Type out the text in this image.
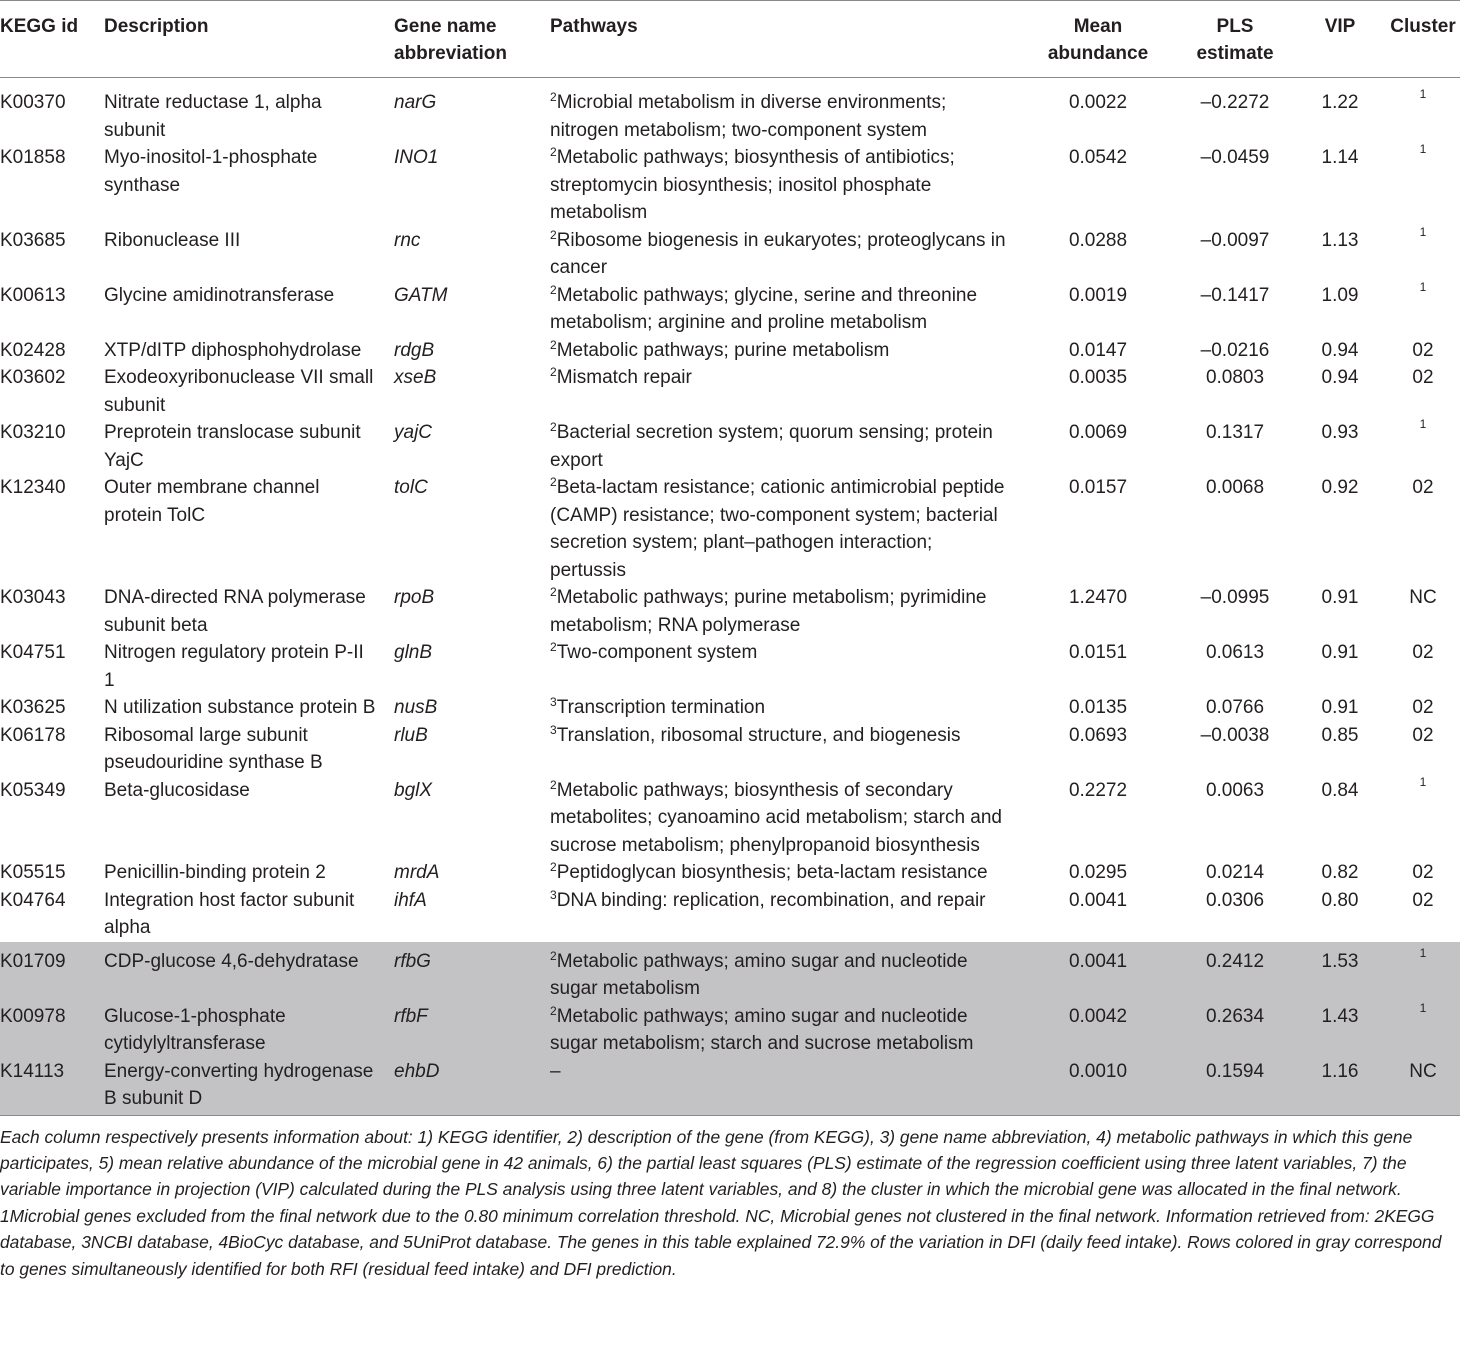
KEGG id	Description	Gene name abbreviation	Pathways	Mean abundance	PLS estimate	VIP	Cluster
K00370	Nitrate reductase 1, alpha subunit	narG	$^2$Microbial metabolism in diverse environments; nitrogen metabolism; two-component system	0.0022	–0.2272	1.22	$^1$
K01858	Myo-inositol-1-phosphate synthase	INO1	$^2$Metabolic pathways; biosynthesis of antibiotics; streptomycin biosynthesis; inositol phosphate metabolism	0.0542	–0.0459	1.14	$^1$
K03685	Ribonuclease III	rnc	$^2$Ribosome biogenesis in eukaryotes; proteoglycans in cancer	0.0288	–0.0097	1.13	$^1$
K00613	Glycine amidinotransferase	GATM	$^2$Metabolic pathways; glycine, serine and threonine metabolism; arginine and proline metabolism	0.0019	–0.1417	1.09	$^1$
K02428	XTP/dITP diphosphohydrolase	rdgB	$^2$Metabolic pathways; purine metabolism	0.0147	–0.0216	0.94	02
K03602	Exodeoxyribonuclease VII small subunit	xseB	$^2$Mismatch repair	0.0035	0.0803	0.94	02
K03210	Preprotein translocase subunit YajC	yajC	$^2$Bacterial secretion system; quorum sensing; protein export	0.0069	0.1317	0.93	$^1$
K12340	Outer membrane channel protein TolC	tolC	$^2$Beta-lactam resistance; cationic antimicrobial peptide (CAMP) resistance; two-component system; bacterial secretion system; plant–pathogen interaction; pertussis	0.0157	0.0068	0.92	02
K03043	DNA-directed RNA polymerase subunit beta	rpoB	$^2$Metabolic pathways; purine metabolism; pyrimidine metabolism; RNA polymerase	1.2470	–0.0995	0.91	NC
K04751	Nitrogen regulatory protein P-II 1	glnB	$^2$Two-component system	0.0151	0.0613	0.91	02
K03625	N utilization substance protein B	nusB	$^3$Transcription termination	0.0135	0.0766	0.91	02
K06178	Ribosomal large subunit pseudouridine synthase B	rluB	$^3$Translation, ribosomal structure, and biogenesis	0.0693	–0.0038	0.85	02
K05349	Beta-glucosidase	bglX	$^2$Metabolic pathways; biosynthesis of secondary metabolites; cyanoamino acid metabolism; starch and sucrose metabolism; phenylpropanoid biosynthesis	0.2272	0.0063	0.84	$^1$
K05515	Penicillin-binding protein 2	mrdA	$^2$Peptidoglycan biosynthesis; beta-lactam resistance	0.0295	0.0214	0.82	02
K04764	Integration host factor subunit alpha	ihfA	$^3$DNA binding: replication, recombination, and repair	0.0041	0.0306	0.80	02
K01709	CDP-glucose 4,6-dehydratase	rfbG	$^2$Metabolic pathways; amino sugar and nucleotide sugar metabolism	0.0041	0.2412	1.53	$^1$
K00978	Glucose-1-phosphate cytidylyltransferase	rfbF	$^2$Metabolic pathways; amino sugar and nucleotide sugar metabolism; starch and sucrose metabolism	0.0042	0.2634	1.43	$^1$
K14113	Energy-converting hydrogenase B subunit D	ehbD	–	0.0010	0.1594	1.16	NC
Each column respectively presents information about: 1) KEGG identifier, 2) description of the gene (from KEGG), 3) gene name abbreviation, 4) metabolic pathways in which this gene participates, 5) mean relative abundance of the microbial gene in 42 animals, 6) the partial least squares (PLS) estimate of the regression coefficient using three latent variables, 7) the variable importance in projection (VIP) calculated during the PLS analysis using three latent variables, and 8) the cluster in which the microbial gene was allocated in the final network. 1Microbial genes excluded from the final network due to the 0.80 minimum correlation threshold. NC, Microbial genes not clustered in the final network. Information retrieved from: 2KEGG database, 3NCBI database, 4BioCyc database, and 5UniProt database. The genes in this table explained 72.9% of the variation in DFI (daily feed intake). Rows colored in gray correspond to genes simultaneously identified for both RFI (residual feed intake) and DFI prediction.
